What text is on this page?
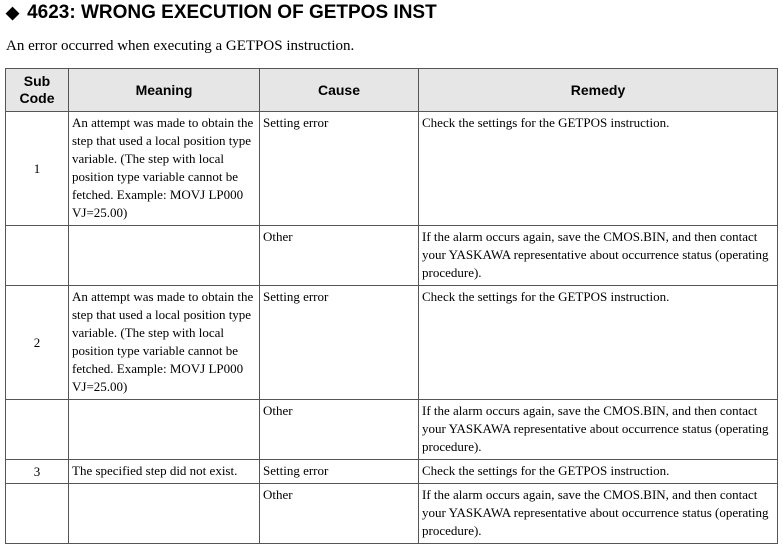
◆ 4623: WRONG EXECUTION OF GETPOS INST
An error occurred when executing a GETPOS instruction.
Sub
Code	Meaning	Cause	Remedy
1	An attempt was made to obtain the step that used a local position type variable. (The step with local position type variable cannot be fetched. Example: MOVJ LP000 VJ=25.00)	Setting error	Check the settings for the GETPOS instruction.
		Other	If the alarm occurs again, save the CMOS.BIN, and then contact your YASKAWA representative about occurrence status (operating procedure).
2	An attempt was made to obtain the step that used a local position type variable. (The step with local position type variable cannot be fetched. Example: MOVJ LP000 VJ=25.00)	Setting error	Check the settings for the GETPOS instruction.
		Other	If the alarm occurs again, save the CMOS.BIN, and then contact your YASKAWA representative about occurrence status (operating procedure).
3	The specified step did not exist.	Setting error	Check the settings for the GETPOS instruction.
		Other	If the alarm occurs again, save the CMOS.BIN, and then contact your YASKAWA representative about occurrence status (operating procedure).
